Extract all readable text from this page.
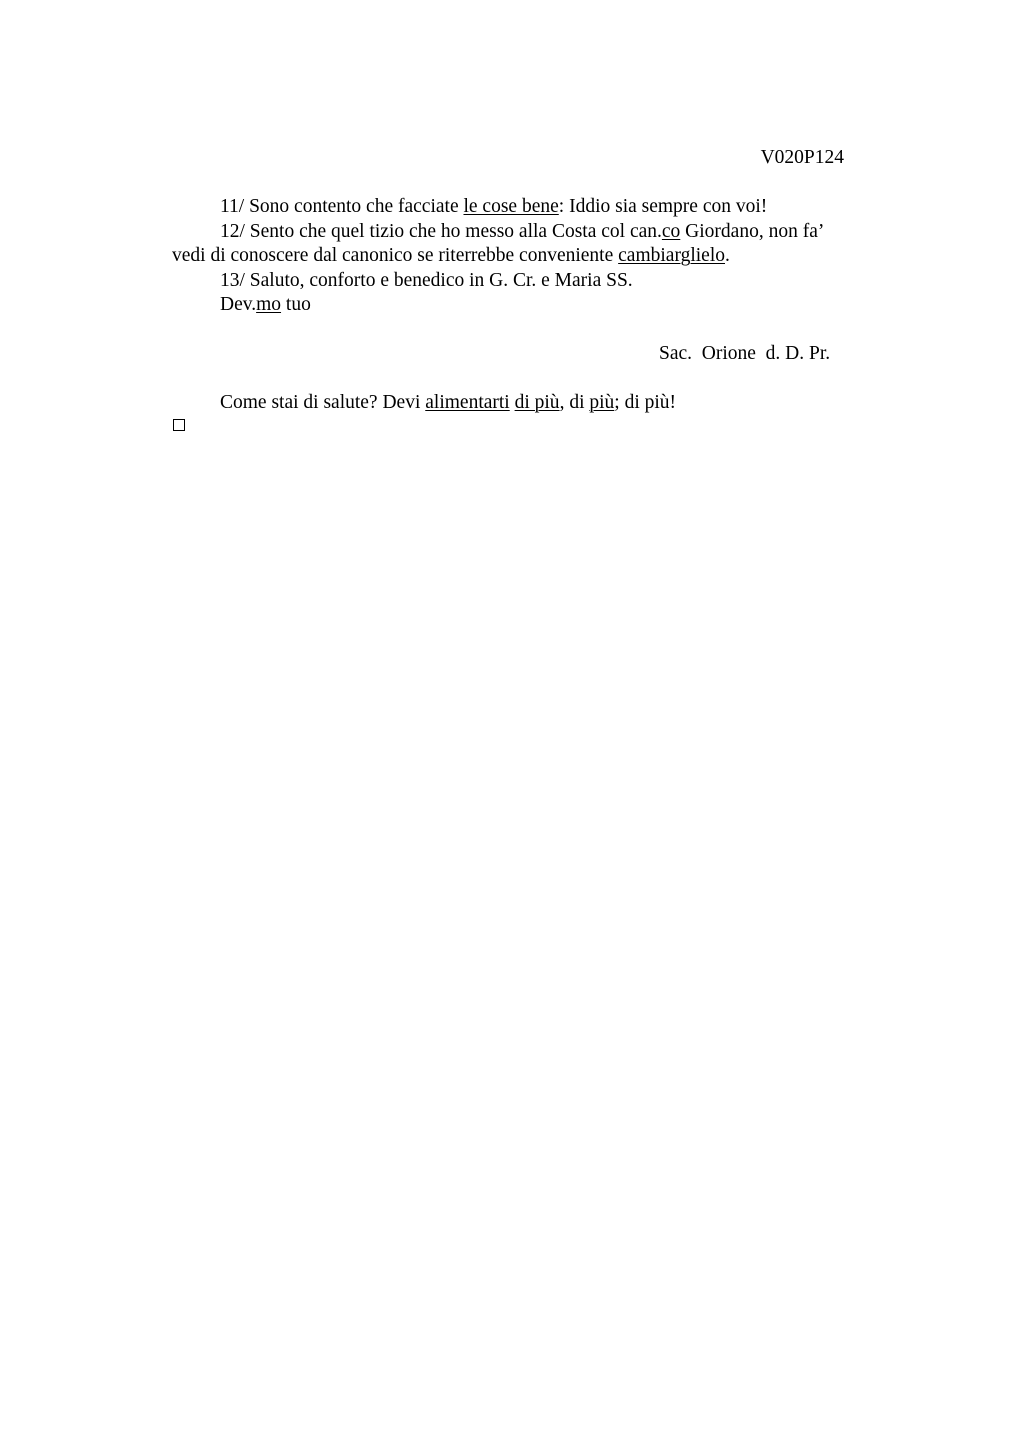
V020P124

11/ Sono contento che facciate le cose bene: Iddio sia sempre con voi!

12/ Sento che quel tizio che ho messo alla Costa col can.co Giordano, non fa’

vedi di conoscere dal canonico se riterrebbe conveniente cambiarglielo.

13/ Saluto, conforto e benedico in G. Cr. e Maria SS.

Dev.mo tuo

Sac.  Orione  d. D. Pr.
Come stai di salute? Devi alimentarti di più, di più; di più!
